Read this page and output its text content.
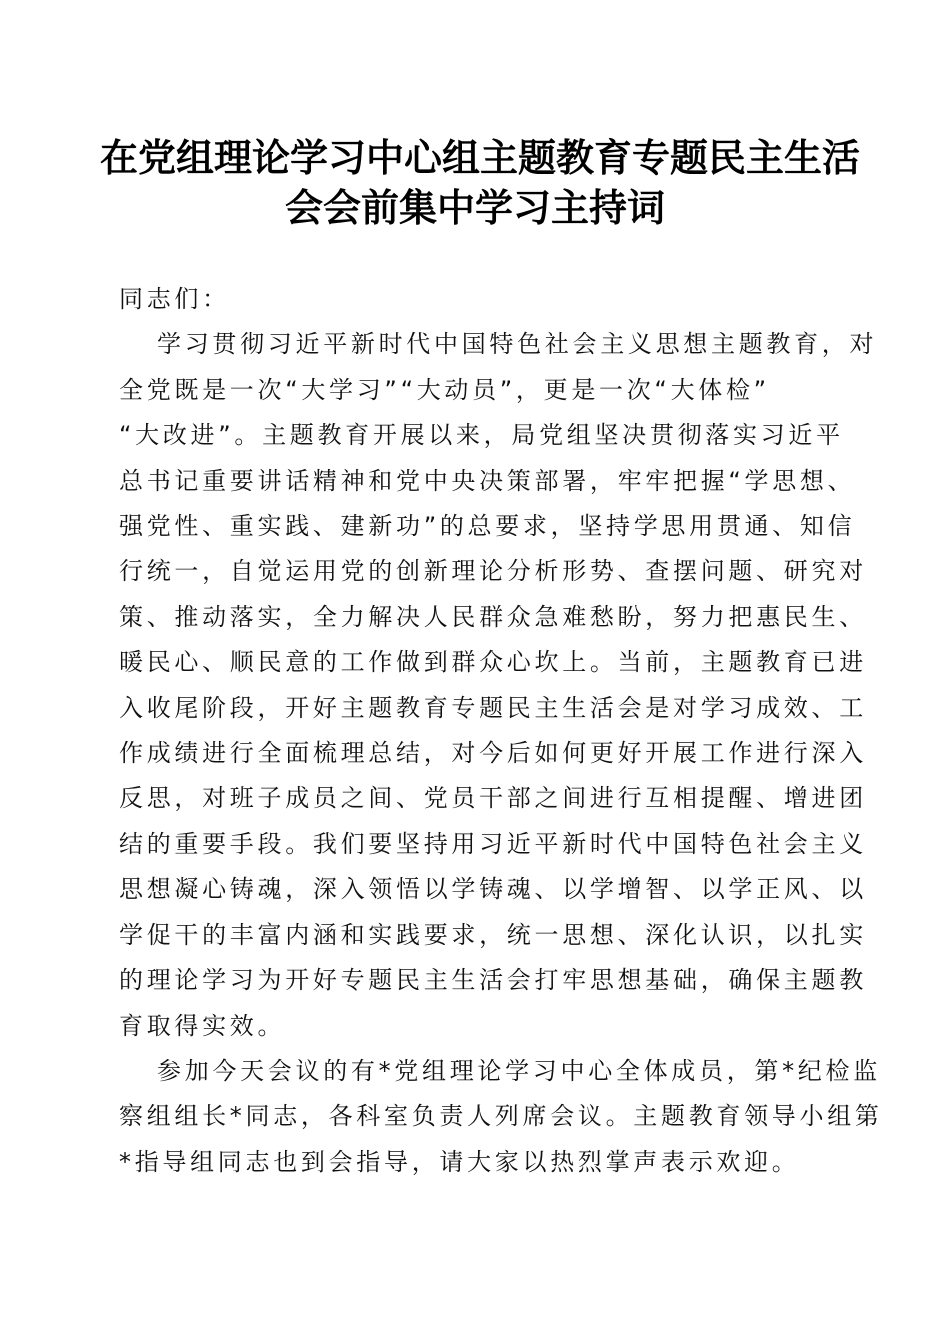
在党组理论学习中心组主题教育专题民主生活
会会前集中学习主持词

同志们：

学习贯彻习近平新时代中国特色社会主义思想主题教育，对
全党既是一次“大学习”“大动员”，更是一次“大体检”
“大改进”。主题教育开展以来，局党组坚决贯彻落实习近平
总书记重要讲话精神和党中央决策部署，牢牢把握“学思想、
强党性、重实践、建新功”的总要求，坚持学思用贯通、知信
行统一，自觉运用党的创新理论分析形势、查摆问题、研究对
策、推动落实，全力解决人民群众急难愁盼，努力把惠民生、
暖民心、顺民意的工作做到群众心坎上。当前，主题教育已进
入收尾阶段，开好主题教育专题民主生活会是对学习成效、工
作成绩进行全面梳理总结，对今后如何更好开展工作进行深入
反思，对班子成员之间、党员干部之间进行互相提醒、增进团
结的重要手段。我们要坚持用习近平新时代中国特色社会主义
思想凝心铸魂，深入领悟以学铸魂、以学增智、以学正风、以
学促干的丰富内涵和实践要求，统一思想、深化认识，以扎实
的理论学习为开好专题民主生活会打牢思想基础，确保主题教
育取得实效。

参加今天会议的有*党组理论学习中心全体成员，第*纪检监
察组组长*同志，各科室负责人列席会议。主题教育领导小组第
*指导组同志也到会指导，请大家以热烈掌声表示欢迎。
